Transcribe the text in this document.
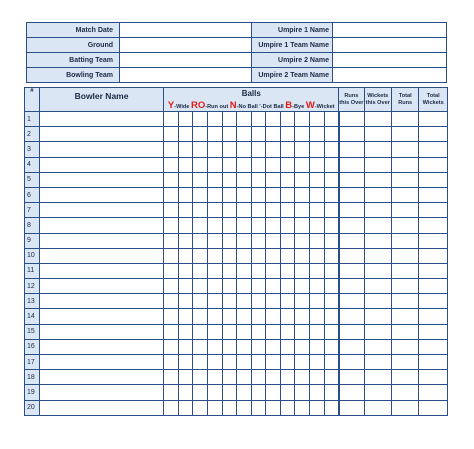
Match Date		Umpire 1 Name	
Ground		Umpire 1 Team Name	
Batting Team		Umpire 2 Name	
Bowling Team		Umpire 2 Team Name	
#	Bowler Name	Balls
Y-Wide RO-Run out N-No Ball '-Dot Ball B-Bye W-Wicket												Runs this Over	Wickets this Over	Total Runs	Total Wickets
1																	
2																	
3																	
4																	
5																	
6																	
7																	
8																	
9																	
10																	
11																	
12																	
13																	
14																	
15																	
16																	
17																	
18																	
19																	
20																	
